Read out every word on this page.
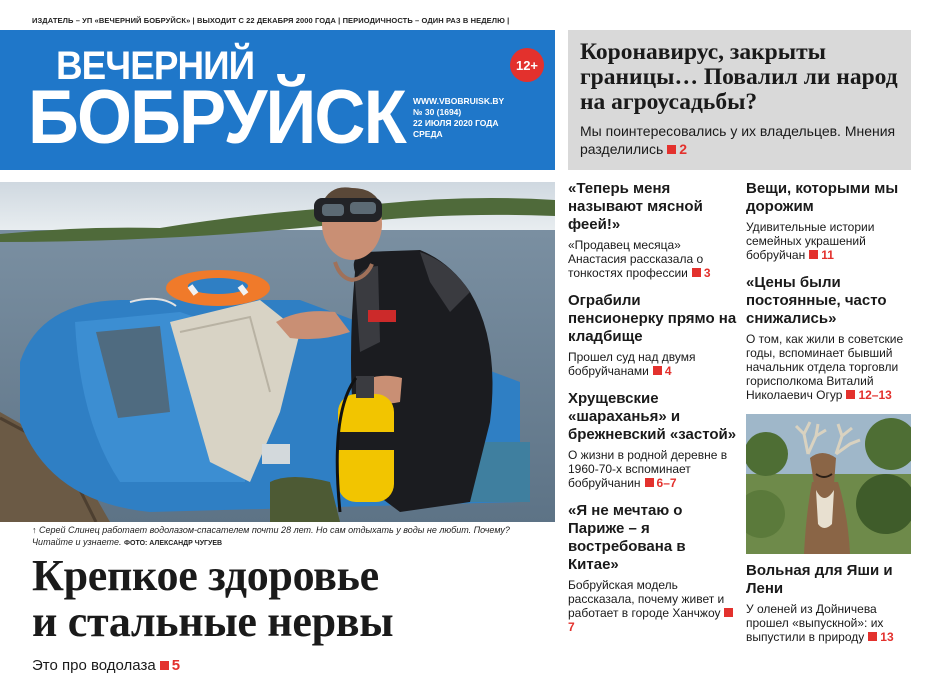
ИЗДАТЕЛЬ – УП «ВЕЧЕРНИЙ БОБРУЙСК» | ВЫХОДИТ С 22 ДЕКАБРЯ 2000 ГОДА | ПЕРИОДИЧНОСТЬ – ОДИН РАЗ В НЕДЕЛЮ |
ВЕЧЕРНИЙ
БОБРУЙСК WWW.VBOBRUISK.BY
№ 30 (1694)
22 ИЮЛЯ 2020 ГОДА
СРЕДА
12+ Коронавирус, закрыты границы… Повалил ли народ на агроусадьбы?
Мы поинтересовались у их владельцев. Мнения разделились 2
↑ Серей Слинец работает водолазом-спасателем почти 28 лет. Но сам отдыхать у воды не любит. Почему? Читайте и узнаете. ФОТО: АЛЕКСАНДР ЧУГУЕВ
Крепкое здоровье
и стальные нервы
Это про водолаза 5
«Теперь меня называют мясной феей!»

«Продавец месяца» Анастасия рассказала о тонкостях профессии 3

Ограбили пенсионерку прямо на кладбище

Прошел суд над двумя бобруйчанами 4

Хрущевские «шараханья» и брежневский «застой»

О жизни в родной деревне в 1960-70-х вспоминает бобруйчанин 6–7

«Я не мечтаю о Париже – я востребована в Китае»

Бобруйская модель рассказала, почему живет и работает в городе Ханчжоу7

Вещи, которыми мы дорожим

Удивительные истории семейных украшений бобруйчан 11

«Цены были постоянные, часто снижались»

О том, как жили в советские годы, вспоминает бывший начальник отдела торговли горисполкома Виталий Николаевич Огур 12–13

Вольная для Яши и Лени

У оленей из Дойничева прошел «выпускной»: их выпустили в природу 13
